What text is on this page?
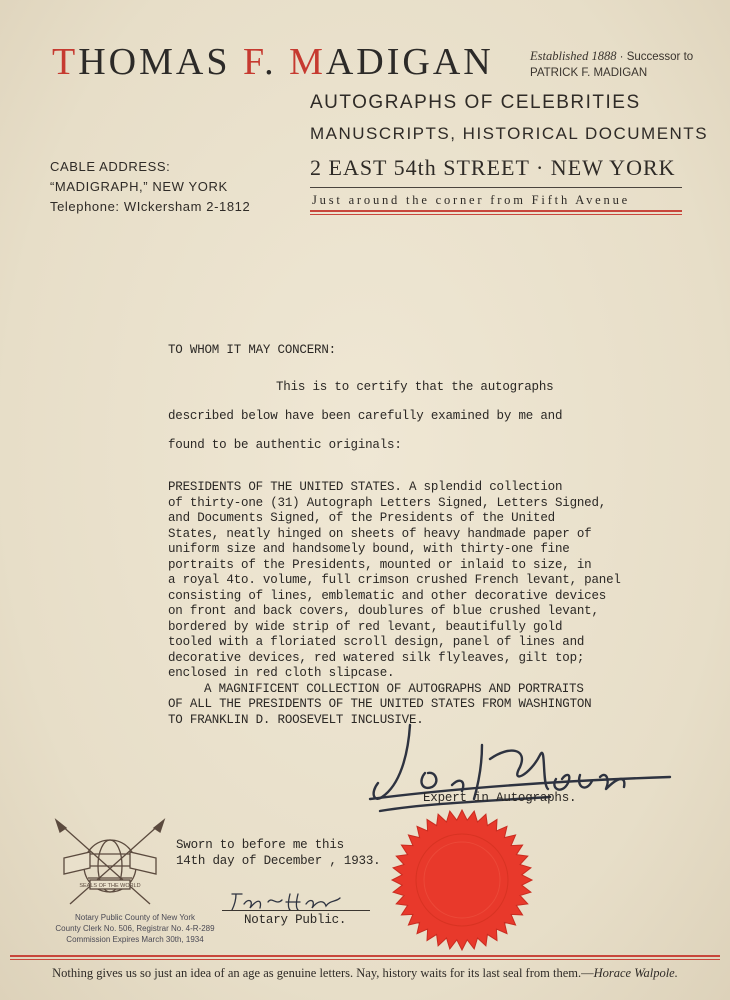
THOMAS F. MADIGAN	Established 1888 · Successor to
PATRICK F. MADIGAN
AUTOGRAPHS OF CELEBRITIES
MANUSCRIPTS, HISTORICAL DOCUMENTS
2 EAST 54th STREET · NEW YORK
Just around the corner from Fifth Avenue
CABLE ADDRESS:
“MADIGRAPH,” NEW YORK
Telephone: WIckersham 2-1812
TO WHOM IT MAY CONCERN:
This is to certify that the autographs
described below have been carefully examined by me and
found to be authentic originals:
PRESIDENTS OF THE UNITED STATES. A splendid collection
of thirty-one (31) Autograph Letters Signed, Letters Signed,
and Documents Signed, of the Presidents of the United
States, neatly hinged on sheets of heavy handmade paper of
uniform size and handsomely bound, with thirty-one fine
portraits of the Presidents, mounted or inlaid to size, in
a royal 4to. volume, full crimson crushed French levant, panel
consisting of lines, emblematic and other decorative devices
on front and back covers, doublures of blue crushed levant,
bordered by wide strip of red levant, beautifully gold
tooled with a floriated scroll design, panel of lines and
decorative devices, red watered silk flyleaves, gilt top;
enclosed in red cloth slipcase.
A MAGNIFICENT COLLECTION OF AUTOGRAPHS AND PORTRAITS
OF ALL THE PRESIDENTS OF THE UNITED STATES FROM WASHINGTON
TO FRANKLIN D. ROOSEVELT INCLUSIVE.
Expert in Autographs.
SEALS OF THE WORLD
Sworn to before me this
14th day of December , 1933.
Notary Public.
Notary Public County of New York
County Clerk No. 506, Registrar No. 4-R-289
Commission Expires March 30th, 1934
Nothing gives us so just an idea of an age as genuine letters. Nay, history waits for its last seal from them.—Horace Walpole.
